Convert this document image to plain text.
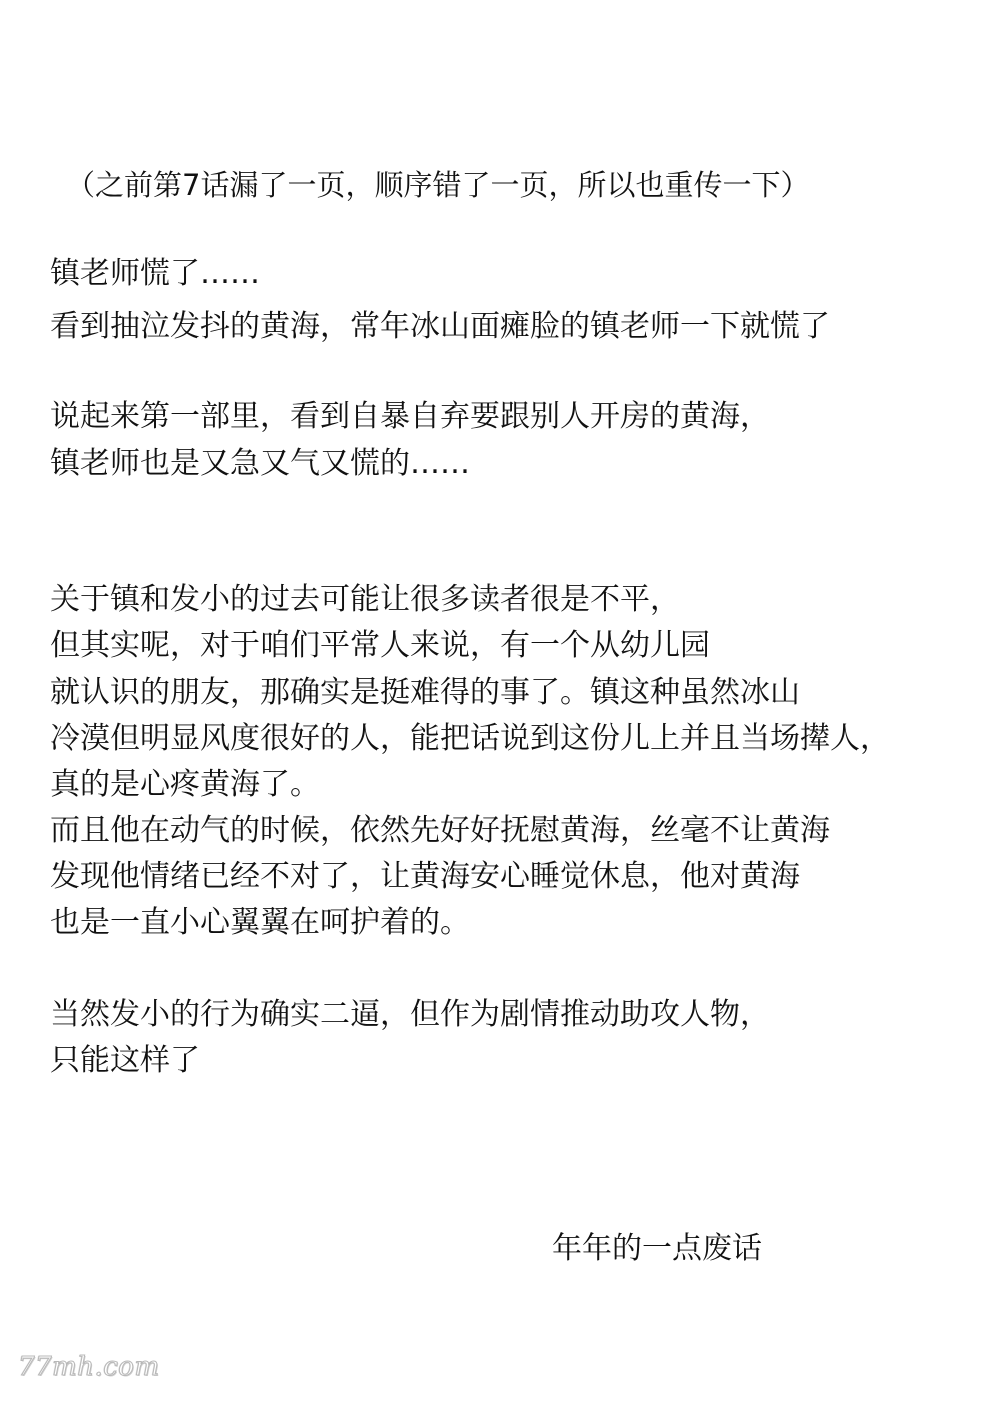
（之前第7话漏了一页，顺序错了一页，所以也重传一下）
镇老师慌了……
看到抽泣发抖的黄海，常年冰山面瘫脸的镇老师一下就慌了
说起来第一部里，看到自暴自弃要跟别人开房的黄海，
镇老师也是又急又气又慌的……
关于镇和发小的过去可能让很多读者很是不平，
但其实呢，对于咱们平常人来说，有一个从幼儿园
就认识的朋友，那确实是挺难得的事了。镇这种虽然冰山
冷漠但明显风度很好的人，能把话说到这份儿上并且当场撵人，
真的是心疼黄海了。
而且他在动气的时候，依然先好好抚慰黄海，丝毫不让黄海
发现他情绪已经不对了，让黄海安心睡觉休息，他对黄海
也是一直小心翼翼在呵护着的。
当然发小的行为确实二逼，但作为剧情推动助攻人物，
只能这样了
年年的一点废话
77mh.com
